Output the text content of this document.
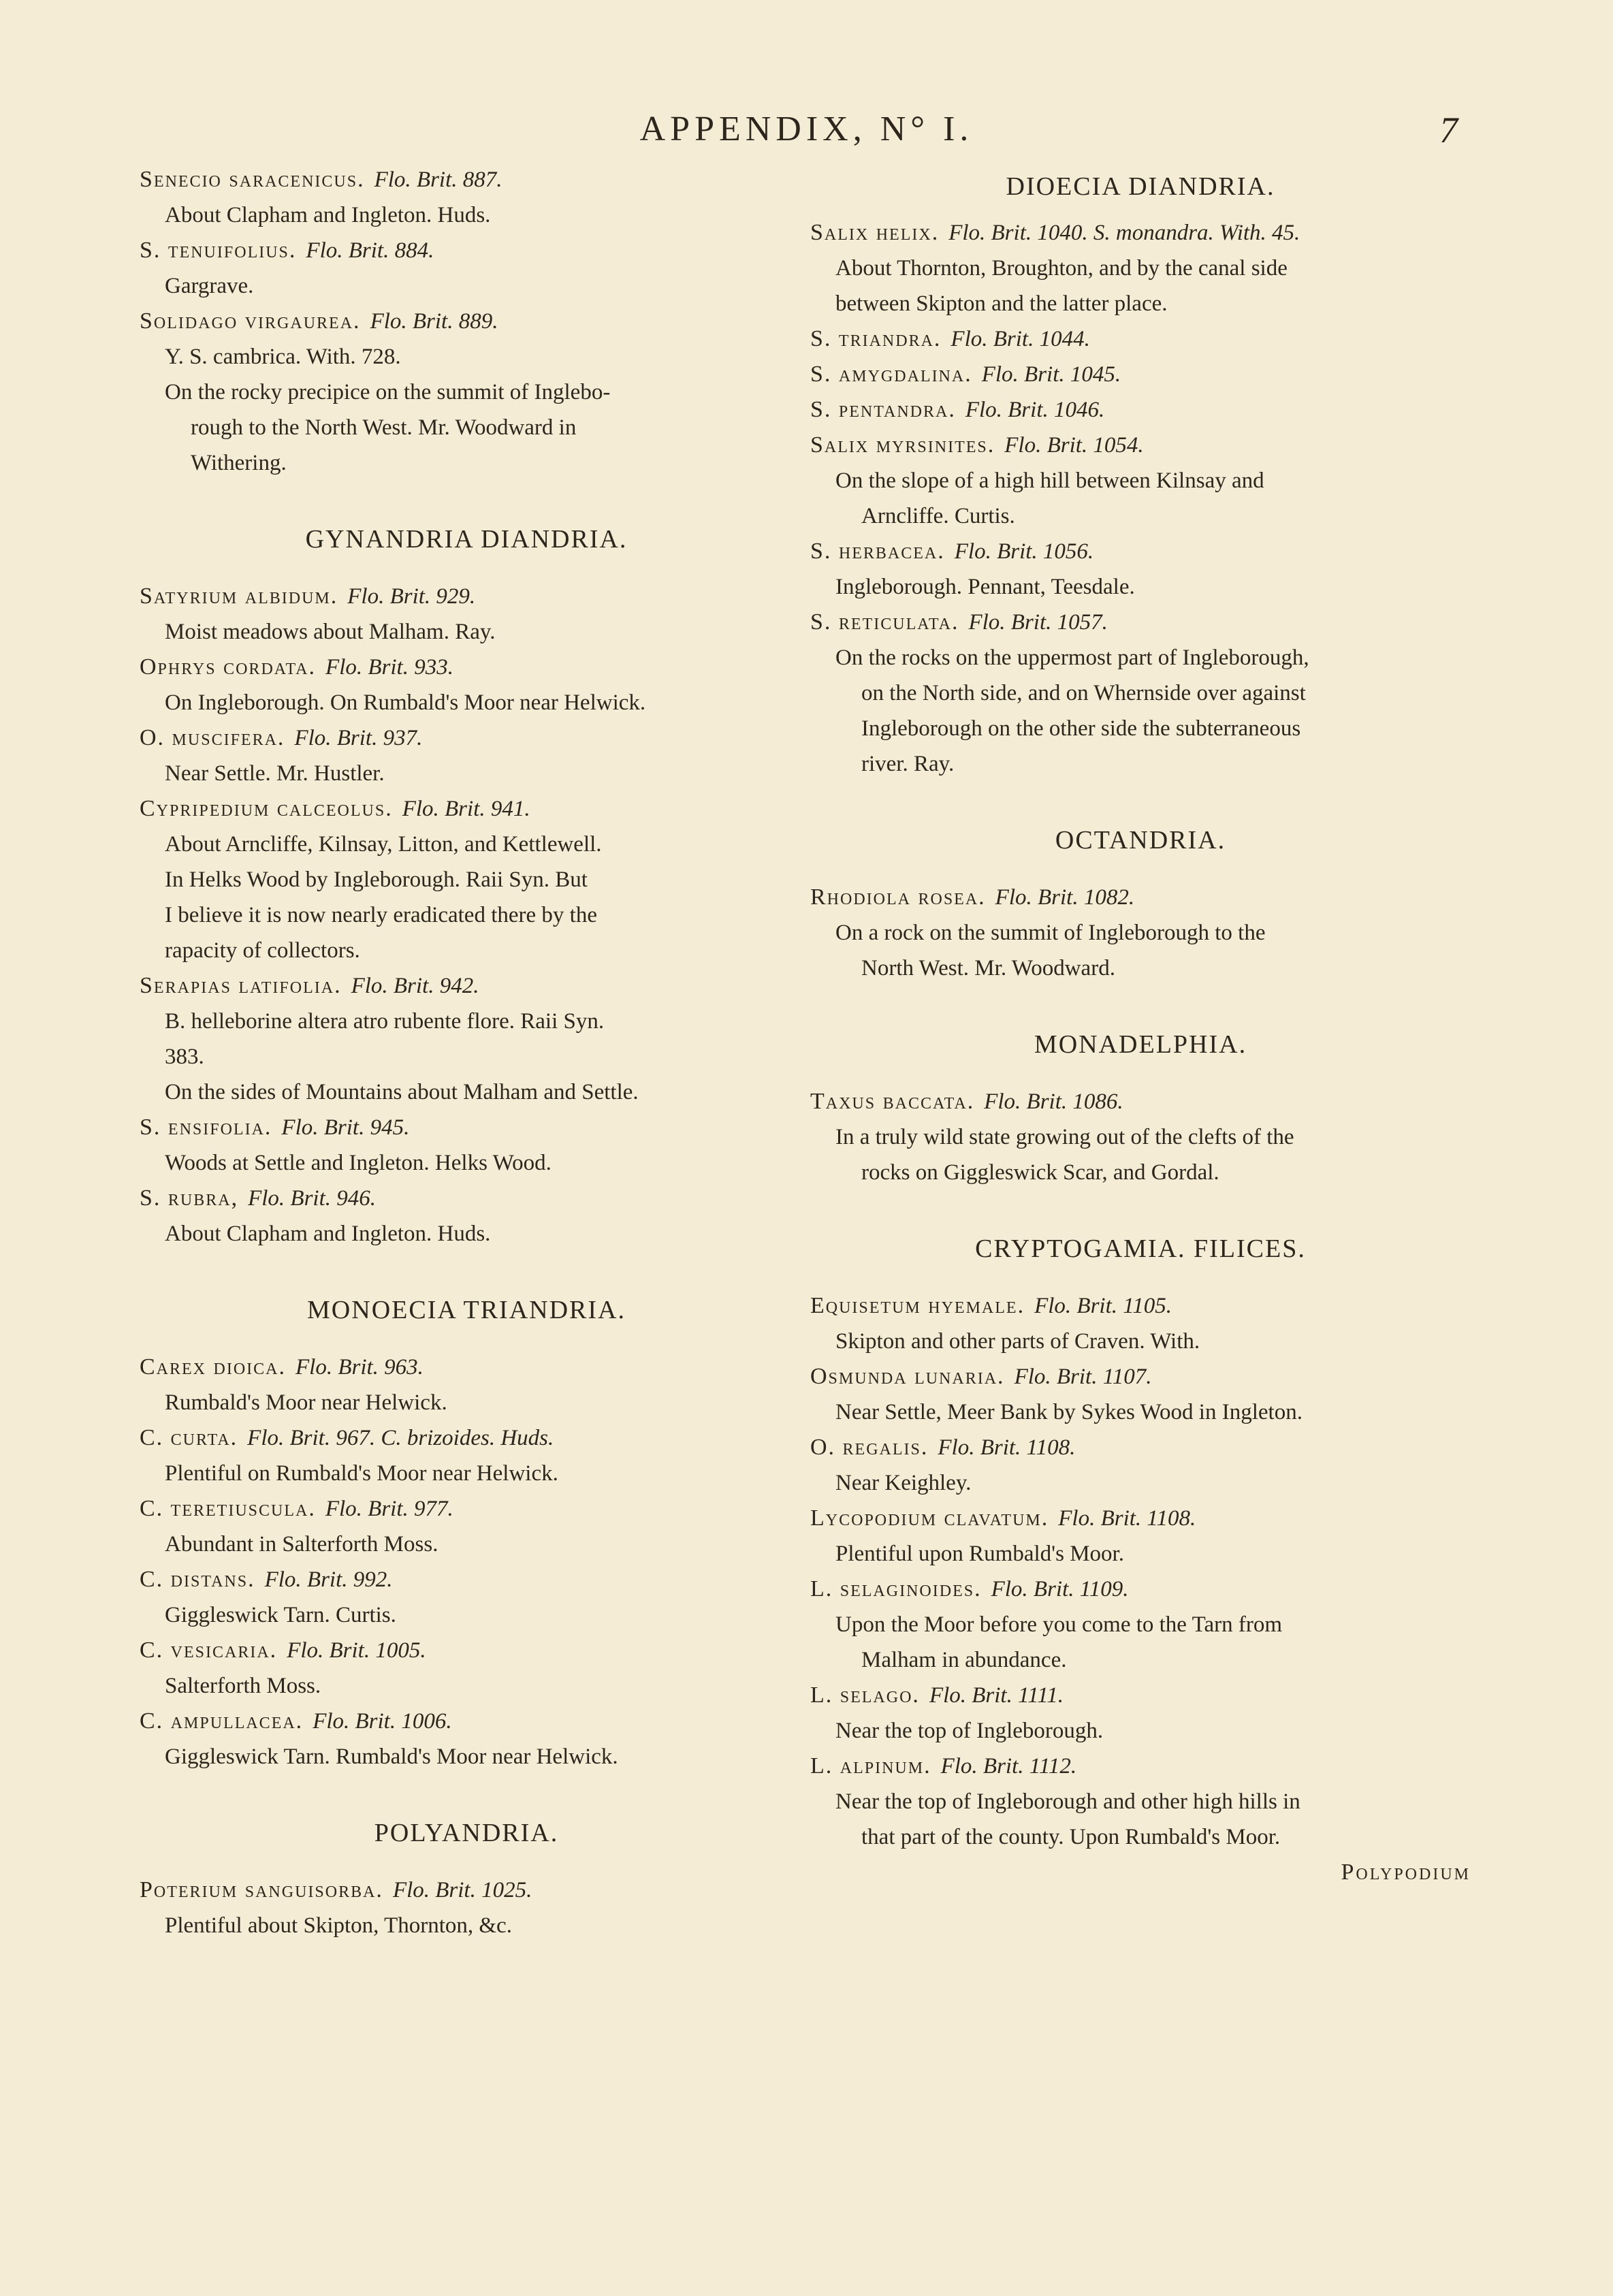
APPENDIX, N° I.	7

Senecio saracenicus. Flo. Brit. 887.

About Clapham and Ingleton. Huds.

S. tenuifolius. Flo. Brit. 884.

Gargrave.

Solidago virgaurea. Flo. Brit. 889.

Y. S. cambrica. With. 728.

On the rocky precipice on the summit of Inglebo-

rough to the North West. Mr. Woodward in

Withering.

GYNANDRIA DIANDRIA.

Satyrium albidum. Flo. Brit. 929.

Moist meadows about Malham. Ray.

Ophrys cordata. Flo. Brit. 933.

On Ingleborough. On Rumbald's Moor near Helwick.

O. muscifera. Flo. Brit. 937.

Near Settle. Mr. Hustler.

Cypripedium calceolus. Flo. Brit. 941.

About Arncliffe, Kilnsay, Litton, and Kettlewell.

In Helks Wood by Ingleborough. Raii Syn. But

I believe it is now nearly eradicated there by the

rapacity of collectors.

Serapias latifolia. Flo. Brit. 942.

B. helleborine altera atro rubente flore. Raii Syn.

383.

On the sides of Mountains about Malham and Settle.

S. ensifolia. Flo. Brit. 945.

Woods at Settle and Ingleton. Helks Wood.

S. rubra, Flo. Brit. 946.

About Clapham and Ingleton. Huds.

MONOECIA TRIANDRIA.

Carex dioica. Flo. Brit. 963.

Rumbald's Moor near Helwick.

C. curta. Flo. Brit. 967. C. brizoides. Huds.

Plentiful on Rumbald's Moor near Helwick.

C. teretiuscula. Flo. Brit. 977.

Abundant in Salterforth Moss.

C. distans. Flo. Brit. 992.

Giggleswick Tarn. Curtis.

C. vesicaria. Flo. Brit. 1005.

Salterforth Moss.

C. ampullacea. Flo. Brit. 1006.

Giggleswick Tarn. Rumbald's Moor near Helwick.

POLYANDRIA.

Poterium sanguisorba. Flo. Brit. 1025.

Plentiful about Skipton, Thornton, &c.

DIOECIA DIANDRIA.

Salix helix. Flo. Brit. 1040. S. monandra. With. 45.

About Thornton, Broughton, and by the canal side

between Skipton and the latter place.

S. triandra. Flo. Brit. 1044.

S. amygdalina. Flo. Brit. 1045.

S. pentandra. Flo. Brit. 1046.

Salix myrsinites. Flo. Brit. 1054.

On the slope of a high hill between Kilnsay and

Arncliffe. Curtis.

S. herbacea. Flo. Brit. 1056.

Ingleborough. Pennant, Teesdale.

S. reticulata. Flo. Brit. 1057.

On the rocks on the uppermost part of Ingleborough,

on the North side, and on Whernside over against

Ingleborough on the other side the subterraneous

river. Ray.

OCTANDRIA.

Rhodiola rosea. Flo. Brit. 1082.

On a rock on the summit of Ingleborough to the

North West. Mr. Woodward.

MONADELPHIA.

Taxus baccata. Flo. Brit. 1086.

In a truly wild state growing out of the clefts of the

rocks on Giggleswick Scar, and Gordal.

CRYPTOGAMIA. FILICES.

Equisetum hyemale. Flo. Brit. 1105.

Skipton and other parts of Craven. With.

Osmunda lunaria. Flo. Brit. 1107.

Near Settle, Meer Bank by Sykes Wood in Ingleton.

O. regalis. Flo. Brit. 1108.

Near Keighley.

Lycopodium clavatum. Flo. Brit. 1108.

Plentiful upon Rumbald's Moor.

L. selaginoides. Flo. Brit. 1109.

Upon the Moor before you come to the Tarn from

Malham in abundance.

L. selago. Flo. Brit. 1111.

Near the top of Ingleborough.

L. alpinum. Flo. Brit. 1112.

Near the top of Ingleborough and other high hills in

that part of the county. Upon Rumbald's Moor.

Polypodium
